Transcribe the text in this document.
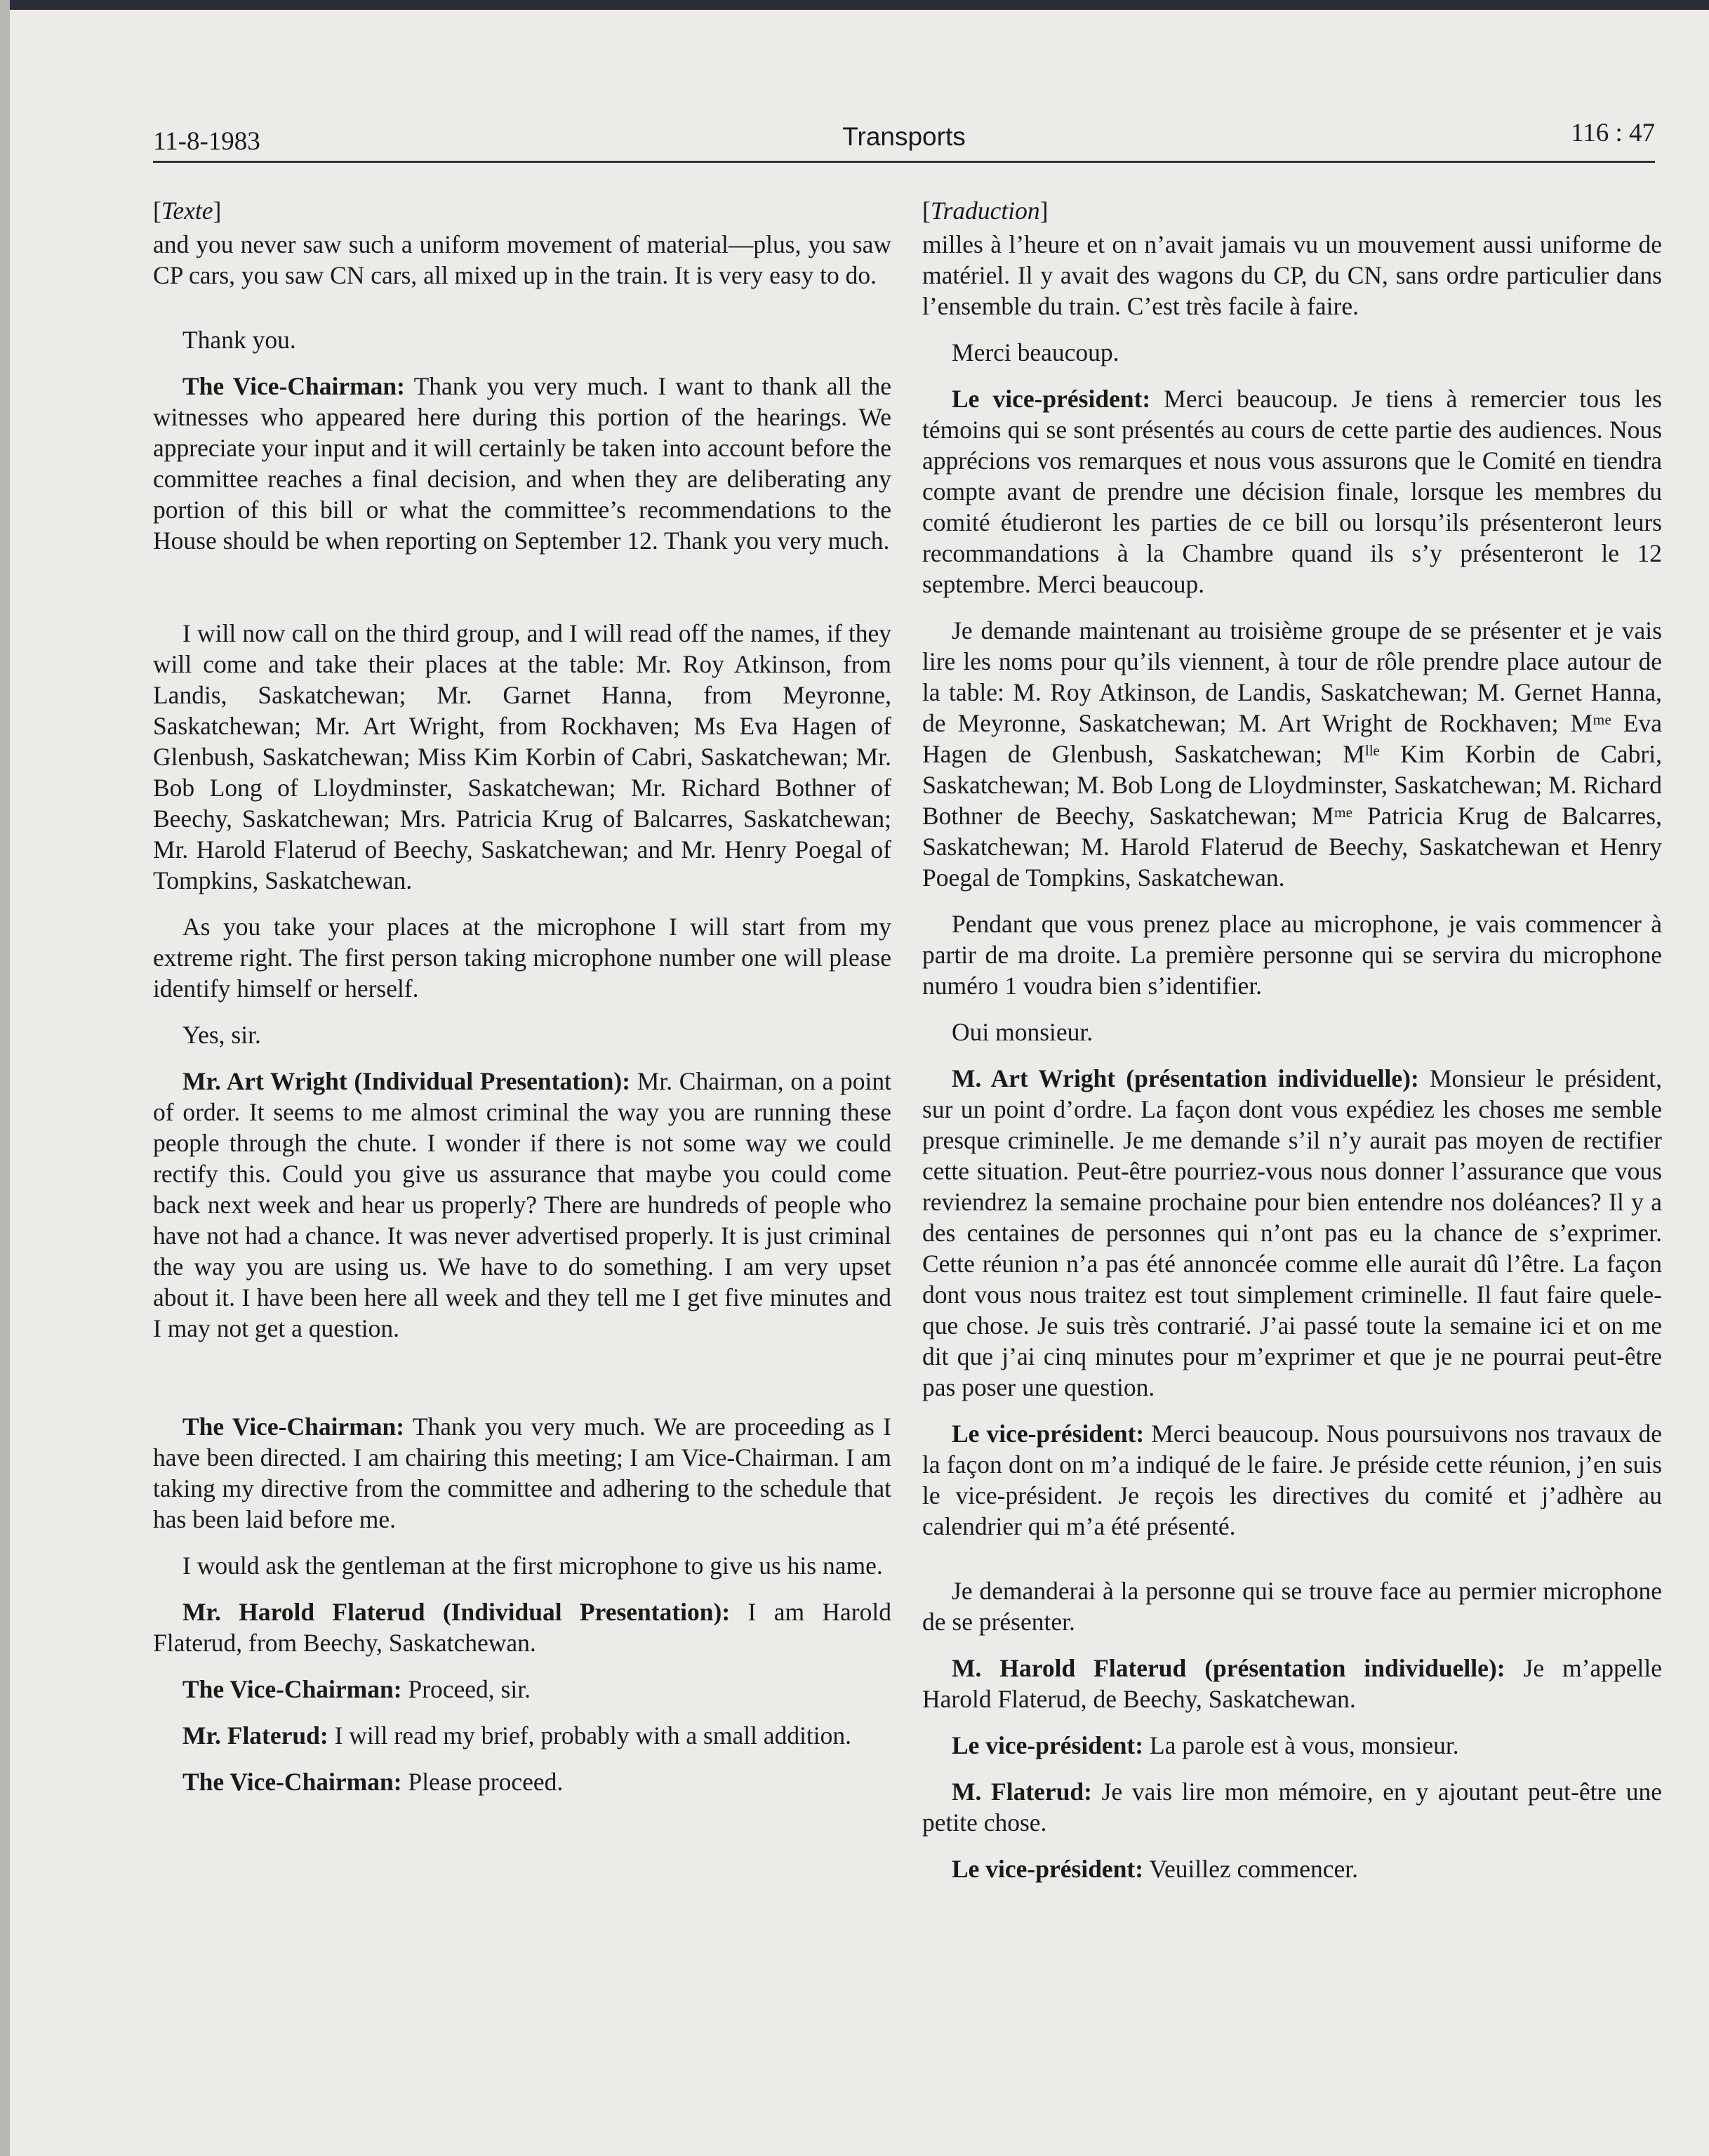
11-8-1983	Transports	116 : 47

[Texte]

and you never saw such a uniform movement of material—plus, you saw CP cars, you saw CN cars, all mixed up in the train. It is very easy to do.

Thank you.

The Vice-Chairman: Thank you very much. I want to thank all the witnesses who appeared here during this portion of the hearings. We appreciate your input and it will certainly be taken into account before the committee reaches a final decision, and when they are deliberating any portion of this bill or what the committee’s recommendations to the House should be when reporting on September 12. Thank you very much.

I will now call on the third group, and I will read off the names, if they will come and take their places at the table: Mr. Roy Atkinson, from Landis, Saskatchewan; Mr. Garnet Hanna, from Meyronne, Saskatchewan; Mr. Art Wright, from Rockhaven; Ms Eva Hagen of Glenbush, Saskatchewan; Miss Kim Korbin of Cabri, Saskatchewan; Mr. Bob Long of Lloydminster, Saskatchewan; Mr. Richard Bothner of Beechy, Saskatchewan; Mrs. Patricia Krug of Balcarres, Saskatchewan; Mr. Harold Flaterud of Beechy, Saskatchewan; and Mr. Henry Poegal of Tompkins, Saskatchewan.

As you take your places at the microphone I will start from my extreme right. The first person taking microphone number one will please identify himself or herself.

Yes, sir.

Mr. Art Wright (Individual Presentation): Mr. Chairman, on a point of order. It seems to me almost criminal the way you are running these people through the chute. I wonder if there is not some way we could rectify this. Could you give us assurance that maybe you could come back next week and hear us properly? There are hundreds of people who have not had a chance. It was never advertised properly. It is just criminal the way you are using us. We have to do something. I am very upset about it. I have been here all week and they tell me I get five minutes and I may not get a question.

The Vice-Chairman: Thank you very much. We are proceeding as I have been directed. I am chairing this meeting; I am Vice-Chairman. I am taking my directive from the committee and adhering to the schedule that has been laid before me.

I would ask the gentleman at the first microphone to give us his name.

Mr. Harold Flaterud (Individual Presentation): I am Harold Flaterud, from Beechy, Saskatchewan.

The Vice-Chairman: Proceed, sir.

Mr. Flaterud: I will read my brief, probably with a small addition.

The Vice-Chairman: Please proceed.

[Traduction]

milles à l’heure et on n’avait jamais vu un mouvement aussi uniforme de matériel. Il y avait des wagons du CP, du CN, sans ordre particulier dans l’ensemble du train. C’est très facile à faire.

Merci beaucoup.

Le vice-président: Merci beaucoup. Je tiens à remercier tous les témoins qui se sont présentés au cours de cette partie des audiences. Nous apprécions vos remarques et nous vous assurons que le Comité en tiendra compte avant de prendre une décision finale, lorsque les membres du comité étudieront les parties de ce bill ou lorsqu’ils présenteront leurs recommandations à la Chambre quand ils s’y présenteront le 12 septembre. Merci beaucoup.

Je demande maintenant au troisième groupe de se présenter et je vais lire les noms pour qu’ils viennent, à tour de rôle prendre place autour de la table: M. Roy Atkinson, de Landis, Saskatchewan; M. Gernet Hanna, de Meyronne, Saskatchewan; M. Art Wright de Rockhaven; Mᵐᵉ Eva Hagen de Glenbush, Saskatchewan; Mˡˡᵉ Kim Korbin de Cabri, Saskatchewan; M. Bob Long de Lloydminster, Saskatchewan; M. Richard Bothner de Beechy, Saskatchewan; Mᵐᵉ Patricia Krug de Balcarres, Saskatchewan; M. Harold Flaterud de Beechy, Saskatchewan et Henry Poegal de Tompkins, Saskatchewan.

Pendant que vous prenez place au microphone, je vais commencer à partir de ma droite. La première personne qui se servira du microphone numéro 1 voudra bien s’identifier.

Oui monsieur.

M. Art Wright (présentation individuelle): Monsieur le président, sur un point d’ordre. La façon dont vous expédiez les choses me semble presque criminelle. Je me demande s’il n’y aurait pas moyen de rectifier cette situation. Peut-être pourriez-vous nous donner l’assurance que vous reviendrez la semaine prochaine pour bien entendre nos doléances? Il y a des centaines de personnes qui n’ont pas eu la chance de s’exprimer. Cette réunion n’a pas été annoncée comme elle aurait dû l’être. La façon dont vous nous traitez est tout simplement criminelle. Il faut faire quele-que chose. Je suis très contrarié. J’ai passé toute la semaine ici et on me dit que j’ai cinq minutes pour m’exprimer et que je ne pourrai peut-être pas poser une question.

Le vice-président: Merci beaucoup. Nous poursuivons nos travaux de la façon dont on m’a indiqué de le faire. Je préside cette réunion, j’en suis le vice-président. Je reçois les directives du comité et j’adhère au calendrier qui m’a été présenté.

Je demanderai à la personne qui se trouve face au permier microphone de se présenter.

M. Harold Flaterud (présentation individuelle): Je m’appelle Harold Flaterud, de Beechy, Saskatchewan.

Le vice-président: La parole est à vous, monsieur.

M. Flaterud: Je vais lire mon mémoire, en y ajoutant peut-être une petite chose.

Le vice-président: Veuillez commencer.
